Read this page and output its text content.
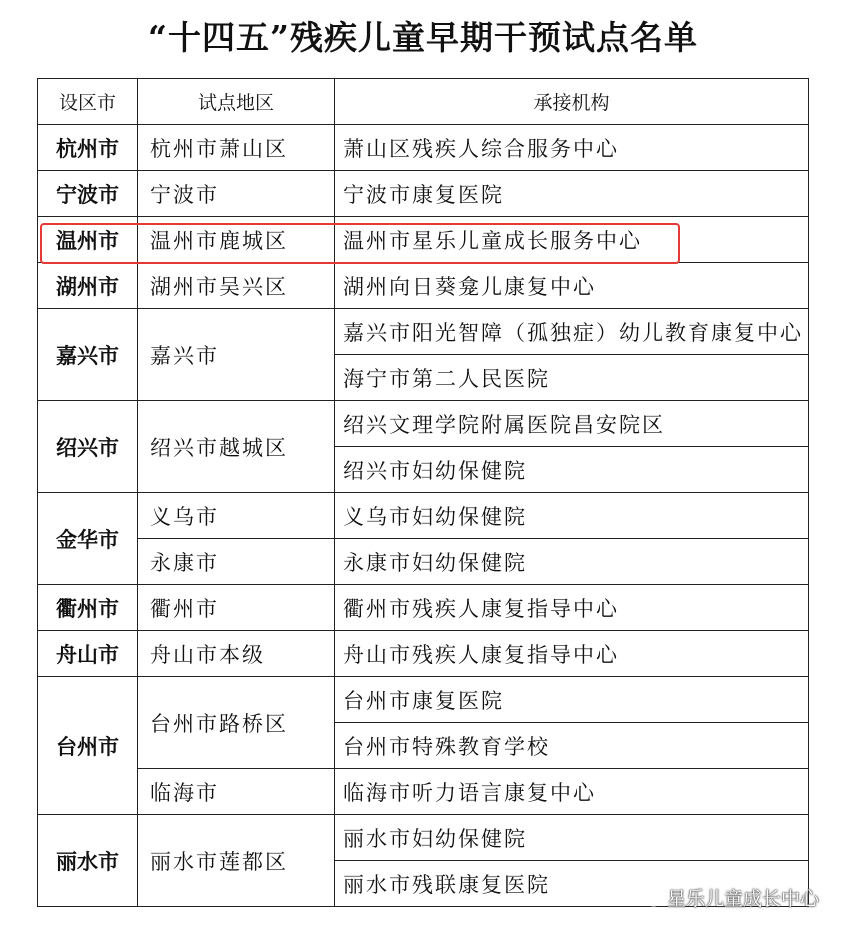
“十四五”残疾儿童早期干预试点名单
设区市	试点地区	承接机构
杭州市	杭州市萧山区	萧山区残疾人综合服务中心
宁波市	宁波市	宁波市康复医院
温州市	温州市鹿城区	温州市星乐儿童成长服务中心
湖州市	湖州市吴兴区	湖州向日葵龛儿康复中心
嘉兴市	嘉兴市	嘉兴市阳光智障（孤独症）幼儿教育康复中心
		海宁市第二人民医院
绍兴市	绍兴市越城区	绍兴文理学院附属医院昌安院区
		绍兴市妇幼保健院
金华市	义乌市	义乌市妇幼保健院
	永康市	永康市妇幼保健院
衢州市	衢州市	衢州市残疾人康复指导中心
舟山市	舟山市本级	舟山市残疾人康复指导中心
台州市	台州市路桥区	台州市康复医院
		台州市特殊教育学校
	临海市	临海市听力语言康复中心
丽水市	丽水市莲都区	丽水市妇幼保健院
		丽水市残联康复医院
星乐儿童成长中心
